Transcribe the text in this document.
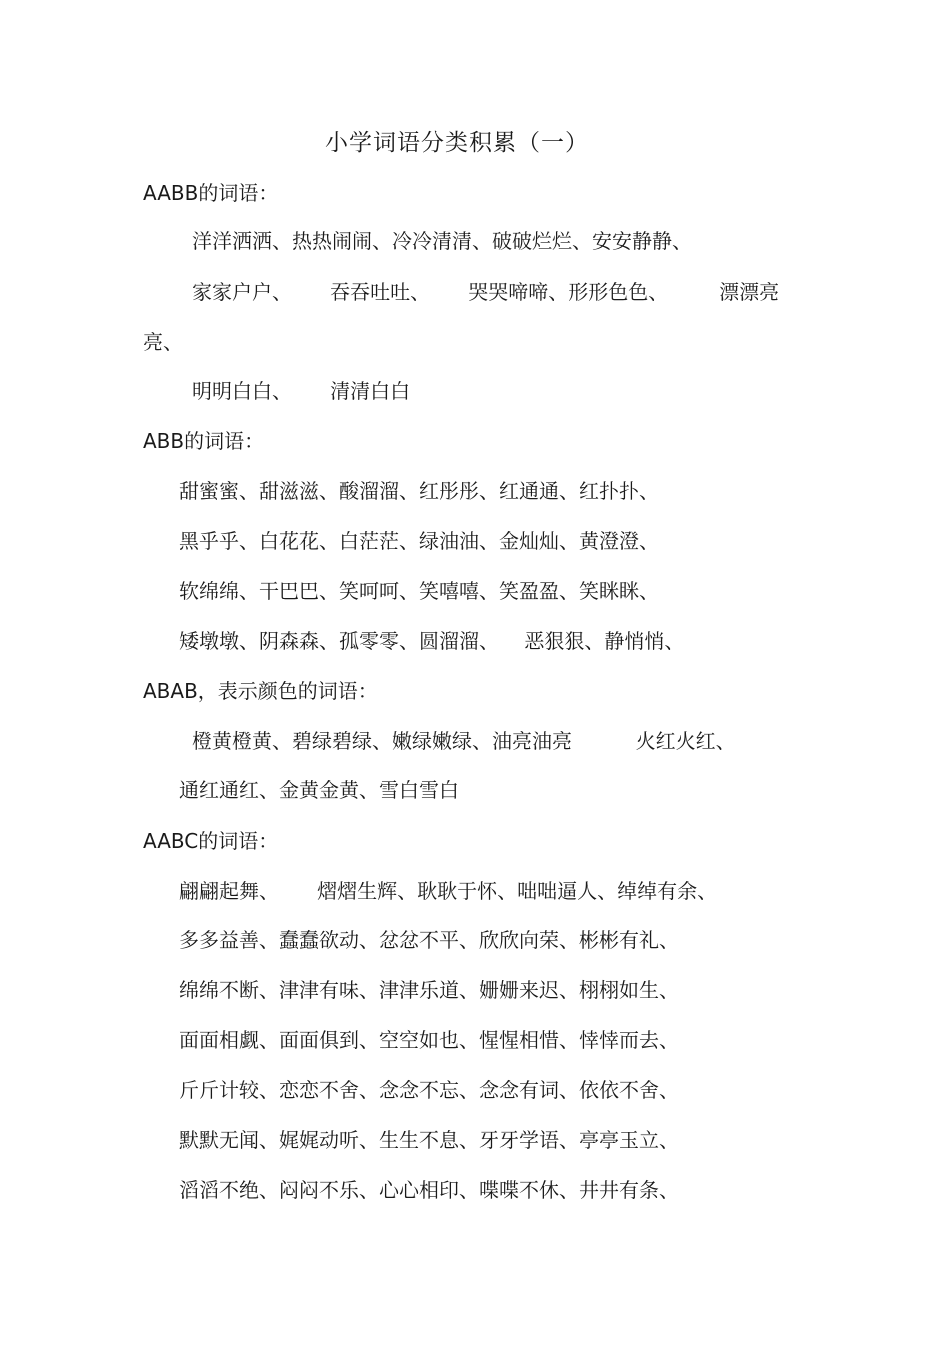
小学词语分类积累（一）
AABB的词语：
洋洋洒洒、热热闹闹、冷冷清清、破破烂烂、安安静静、
家家户户、      吞吞吐吐、      哭哭啼啼、形形色色、        漂漂亮
亮、
明明白白、      清清白白
ABB的词语：
甜蜜蜜、甜滋滋、酸溜溜、红彤彤、红通通、红扑扑、
黑乎乎、白花花、白茫茫、绿油油、金灿灿、黄澄澄、
软绵绵、干巴巴、笑呵呵、笑嘻嘻、笑盈盈、笑眯眯、
矮墩墩、阴森森、孤零零、圆溜溜、    恶狠狠、静悄悄、
ABAB，表示颜色的词语：
橙黄橙黄、碧绿碧绿、嫩绿嫩绿、油亮油亮          火红火红、
通红通红、金黄金黄、雪白雪白
AABC的词语：
翩翩起舞、      熠熠生辉、耿耿于怀、咄咄逼人、绰绰有余、
多多益善、蠢蠢欲动、忿忿不平、欣欣向荣、彬彬有礼、
绵绵不断、津津有味、津津乐道、姗姗来迟、栩栩如生、
面面相觑、面面俱到、空空如也、惺惺相惜、悻悻而去、
斤斤计较、恋恋不舍、念念不忘、念念有词、依依不舍、
默默无闻、娓娓动听、生生不息、牙牙学语、亭亭玉立、
滔滔不绝、闷闷不乐、心心相印、喋喋不休、井井有条、
